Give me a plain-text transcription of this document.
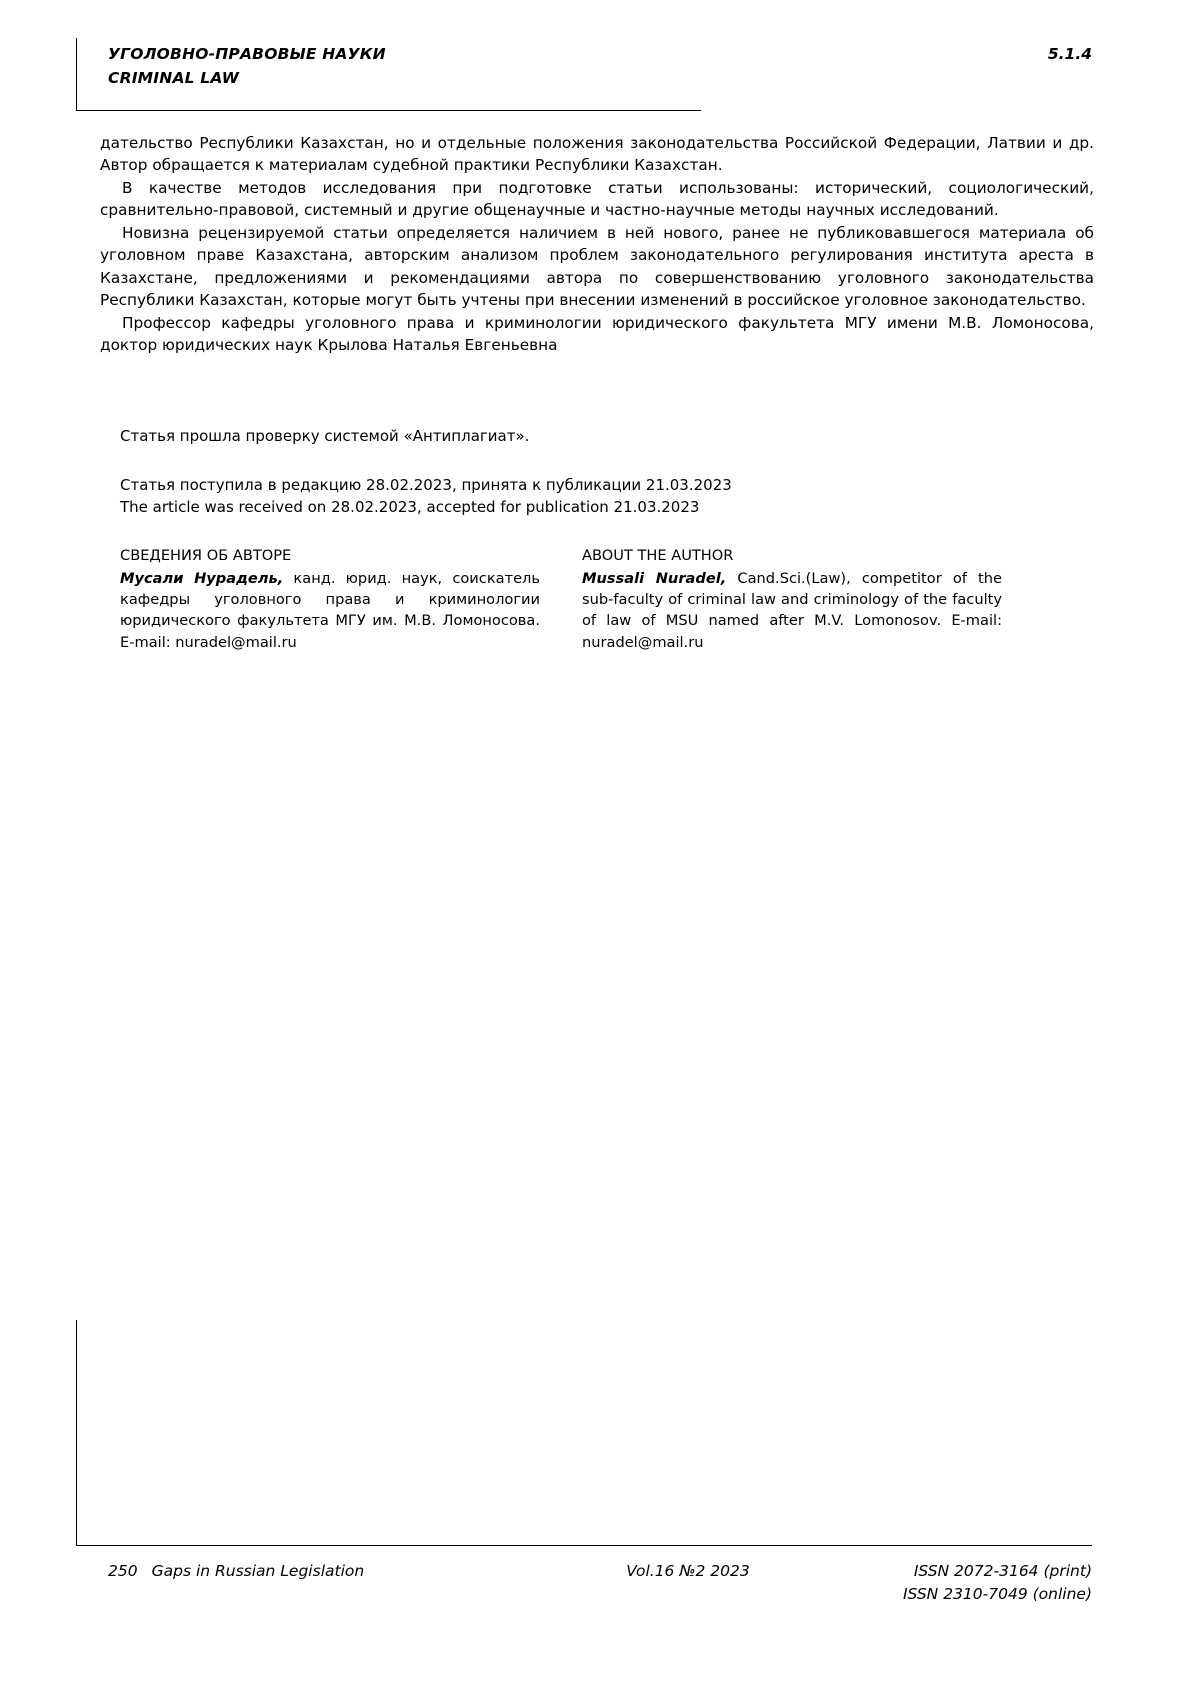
УГОЛОВНО-ПРАВОВЫЕ НАУКИ
CRIMINAL LAW
5.1.4

дательство Республики Казахстан, но и отдельные положения законодательства Российской Федерации, Латвии и др. Автор обращается к материалам судебной практики Республики Казахстан.

В качестве методов исследования при подготовке статьи использованы: исторический, социологический, сравнительно-правовой, системный и другие общенаучные и частно-научные методы научных исследований.

Новизна рецензируемой статьи определяется наличием в ней нового, ранее не публиковавшегося материала об уголовном праве Казахстана, авторским анализом проблем законодательного регулирования института ареста в Казахстане, предложениями и рекомендациями автора по совершенствованию уголовного законодательства Республики Казахстан, которые могут быть учтены при внесении изменений в российское уголовное законодательство.

Профессор кафедры уголовного права и криминологии юридического факультета МГУ имени М.В. Ломоносова, доктор юридических наук Крылова Наталья Евгеньевна

Статья прошла проверку системой «Антиплагиат».

Статья поступила в редакцию 28.02.2023, принята к публикации 21.03.2023

The article was received on 28.02.2023, accepted for publication 21.03.2023

СВЕДЕНИЯ ОБ АВТОРЕ
Мусали Нурадель, канд. юрид. наук, соискатель кафедры уголовного права и криминологии юридического факультета МГУ им. М.В. Ломоносова. E-mail: nuradel@mail.ru
ABOUT THE AUTHOR
Mussali Nuradel, Cand.Sci.(Law), competitor of the sub-faculty of criminal law and criminology of the faculty of law of MSU named after M.V. Lomonosov. E-mail: nuradel@mail.ru
250 Gaps in Russian Legislation	Vol.16 №2 2023	ISSN 2072-3164 (print)
ISSN 2310-7049 (online)
